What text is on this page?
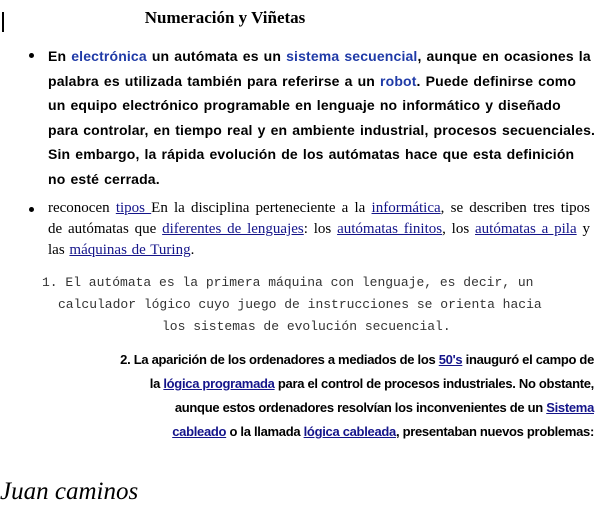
Numeración y Viñetas

En electrónica un autómata es un sistema secuencial, aunque en ocasiones la palabra es utilizada también para referirse a un robot. Puede definirse como un equipo electrónico programable en lenguaje no informático y diseñado para controlar, en tiempo real y en ambiente industrial, procesos secuenciales. Sin embargo, la rápida evolución de los autómatas hace que esta definición no esté cerrada.

reconocen tipos En la disciplina perteneciente a la informática, se describen tres tipos de autómatas que diferentes de lenguajes: los autómatas finitos, los autómatas a pila y las máquinas de Turing.

1. El autómata es la primera máquina con lenguaje, es decir, un
calculador lógico cuyo juego de instrucciones se orienta hacia
los sistemas de evolución secuencial.
2. La aparición de los ordenadores a mediados de los 50's inauguró el campo de
la lógica programada para el control de procesos industriales. No obstante,
aunque estos ordenadores resolvían los inconvenientes de un Sistema
cableado o la llamada lógica cableada, presentaban nuevos problemas:
Juan caminos
